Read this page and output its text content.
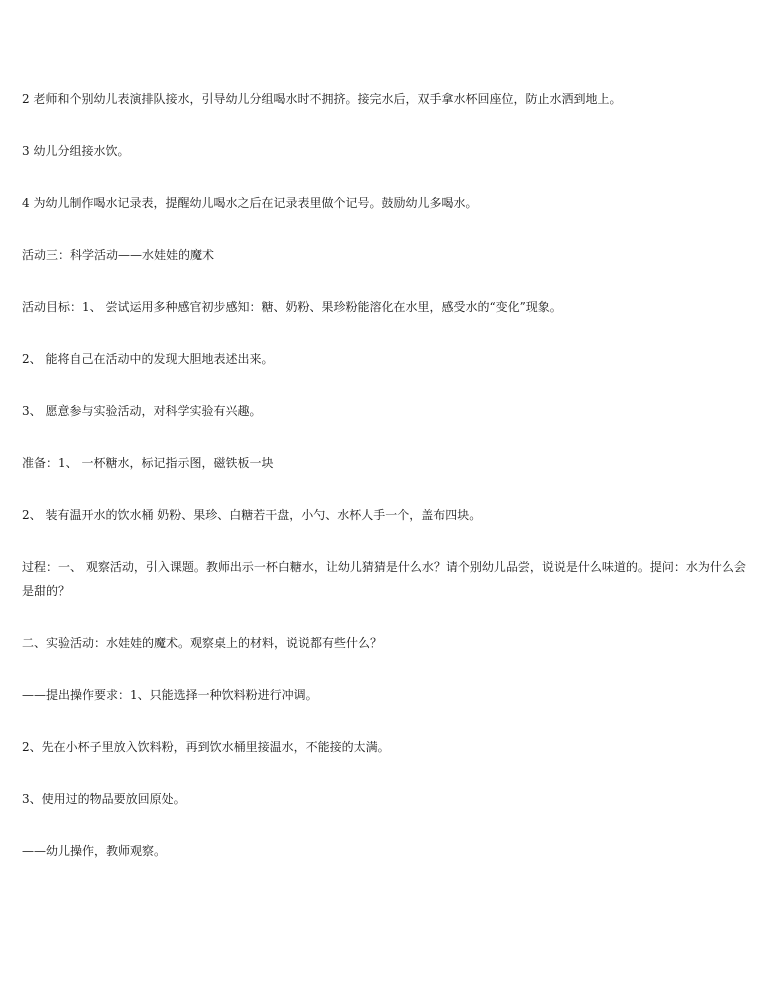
2 老师和个别幼儿表演排队接水，引导幼儿分组喝水时不拥挤。接完水后，双手拿水杯回座位，防止水洒到地上。
3 幼儿分组接水饮。
4 为幼儿制作喝水记录表，提醒幼儿喝水之后在记录表里做个记号。鼓励幼儿多喝水。
活动三：科学活动——水娃娃的魔术
活动目标：1、 尝试运用多种感官初步感知：糖、奶粉、果珍粉能溶化在水里，感受水的“变化”现象。
2、 能将自己在活动中的发现大胆地表述出来。
3、 愿意参与实验活动，对科学实验有兴趣。
准备：1、 一杯糖水，标记指示图，磁铁板一块
2、 装有温开水的饮水桶 奶粉、果珍、白糖若干盘，小勺、水杯人手一个，盖布四块。
过程：一、 观察活动，引入课题。教师出示一杯白糖水，让幼儿猜猜是什么水？请个别幼儿品尝，说说是什么味道的。提问：水为什么会是甜的？
二、实验活动：水娃娃的魔术。观察桌上的材料，说说都有些什么？
——提出操作要求：1、只能选择一种饮料粉进行冲调。
2、先在小杯子里放入饮料粉，再到饮水桶里接温水，不能接的太满。
3、使用过的物品要放回原处。
——幼儿操作，教师观察。
